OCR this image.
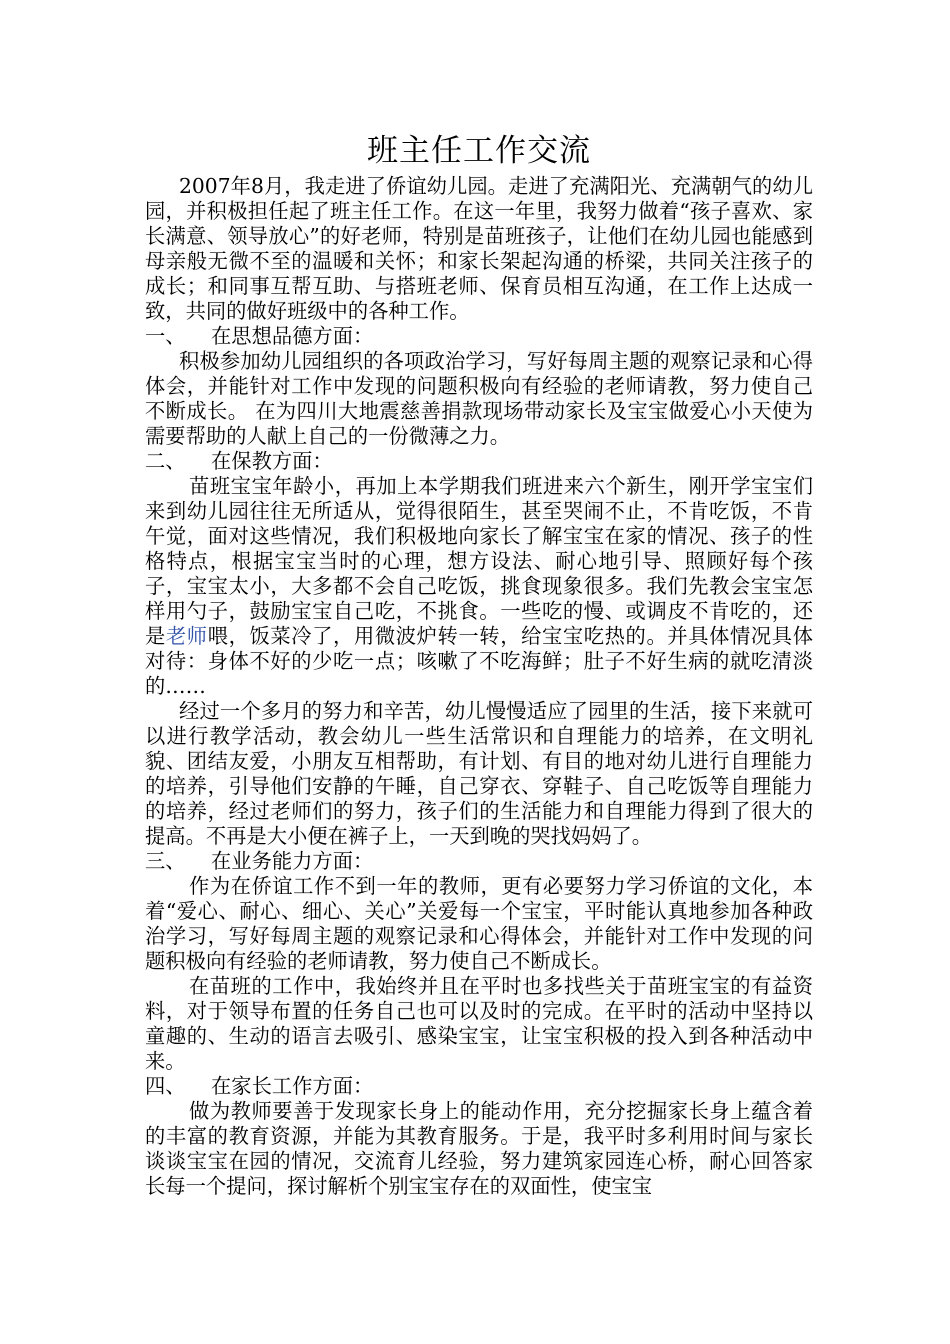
班主任工作交流

2007年8月，我走进了侨谊幼儿园。走进了充满阳光、充满朝气的幼儿园，并积极担任起了班主任工作。在这一年里，我努力做着“孩子喜欢、家长满意、领导放心”的好老师，特别是苗班孩子，让他们在幼儿园也能感到母亲般无微不至的温暖和关怀；和家长架起沟通的桥梁，共同关注孩子的成长；和同事互帮互助、与搭班老师、保育员相互沟通，在工作上达成一致，共同的做好班级中的各种工作。

一、 在思想品德方面：

积极参加幼儿园组织的各项政治学习，写好每周主题的观察记录和心得体会，并能针对工作中发现的问题积极向有经验的老师请教，努力使自己不断成长。 在为四川大地震慈善捐款现场带动家长及宝宝做爱心小天使为需要帮助的人献上自己的一份微薄之力。

二、 在保教方面：

苗班宝宝年龄小，再加上本学期我们班进来六个新生，刚开学宝宝们来到幼儿园往往无所适从，觉得很陌生，甚至哭闹不止，不肯吃饭，不肯午觉，面对这些情况，我们积极地向家长了解宝宝在家的情况、孩子的性格特点，根据宝宝当时的心理，想方设法、耐心地引导、照顾好每个孩子，宝宝太小，大多都不会自己吃饭，挑食现象很多。我们先教会宝宝怎样用勺子，鼓励宝宝自己吃，不挑食。一些吃的慢、或调皮不肯吃的，还是老师喂，饭菜冷了，用微波炉转一转，给宝宝吃热的。并具体情况具体对待：身体不好的少吃一点；咳嗽了不吃海鲜；肚子不好生病的就吃清淡的……

经过一个多月的努力和辛苦，幼儿慢慢适应了园里的生活，接下来就可以进行教学活动，教会幼儿一些生活常识和自理能力的培养，在文明礼貌、团结友爱，小朋友互相帮助，有计划、有目的地对幼儿进行自理能力的培养，引导他们安静的午睡，自己穿衣、穿鞋子、自己吃饭等自理能力的培养，经过老师们的努力，孩子们的生活能力和自理能力得到了很大的提高。不再是大小便在裤子上，一天到晚的哭找妈妈了。

三、 在业务能力方面：

作为在侨谊工作不到一年的教师，更有必要努力学习侨谊的文化，本着“爱心、耐心、细心、关心”关爱每一个宝宝，平时能认真地参加各种政治学习，写好每周主题的观察记录和心得体会，并能针对工作中发现的问题积极向有经验的老师请教，努力使自己不断成长。

在苗班的工作中，我始终并且在平时也多找些关于苗班宝宝的有益资料，对于领导布置的任务自己也可以及时的完成。在平时的活动中坚持以童趣的、生动的语言去吸引、感染宝宝，让宝宝积极的投入到各种活动中来。

四、 在家长工作方面：

做为教师要善于发现家长身上的能动作用，充分挖掘家长身上蕴含着的丰富的教育资源，并能为其教育服务。于是，我平时多利用时间与家长谈谈宝宝在园的情况，交流育儿经验，努力建筑家园连心桥，耐心回答家长每一个提问，探讨解析个别宝宝存在的双面性，使宝宝
